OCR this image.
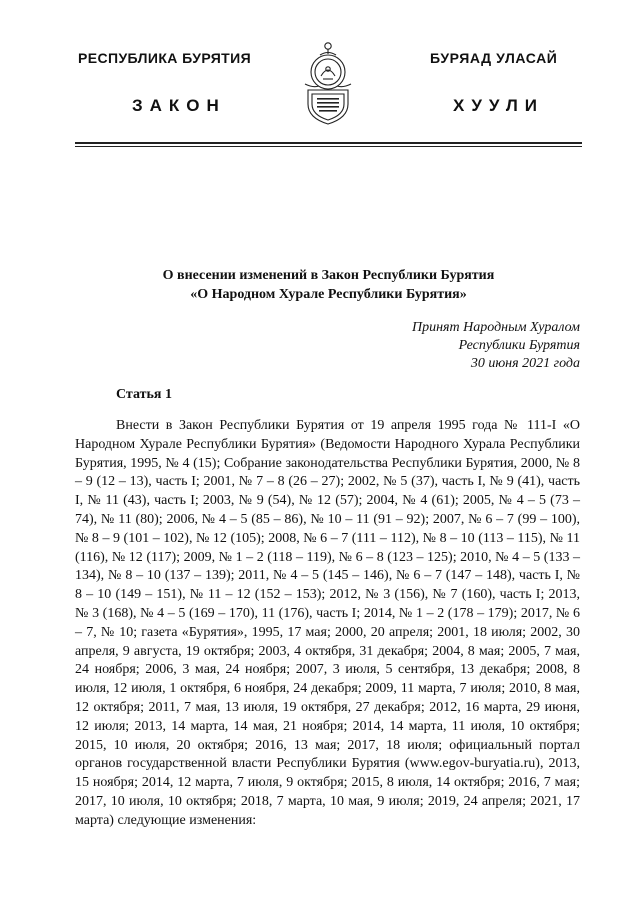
РЕСПУБЛИКА БУРЯТИЯ	БУРЯАД УЛАСАЙ
ЗАКОН	ХУУЛИ
О внесении изменений в Закон Республики Бурятия
«О Народном Хурале Республики Бурятия»
Принят Народным Хуралом
Республики Бурятия
30 июня 2021 года
Статья 1

Внести в Закон Республики Бурятия от 19 апреля 1995 года № 111-I «О Народном Хурале Республики Бурятия» (Ведомости Народного Хурала Республики Бурятия, 1995, № 4 (15); Собрание законодательства Республики Бурятия, 2000, № 8 – 9 (12 – 13), часть I; 2001, № 7 – 8 (26 – 27); 2002, № 5 (37), часть I, № 9 (41), часть I, № 11 (43), часть I; 2003, № 9 (54), № 12 (57); 2004, № 4 (61); 2005, № 4 – 5 (73 – 74), № 11 (80); 2006, № 4 – 5 (85 – 86), № 10 – 11 (91 – 92); 2007, № 6 – 7 (99 – 100), № 8 – 9 (101 – 102), № 12 (105); 2008, № 6 – 7 (111 – 112), № 8 – 10 (113 – 115), № 11 (116), № 12 (117); 2009, № 1 – 2 (118 – 119), № 6 – 8 (123 – 125); 2010, № 4 – 5 (133 – 134), № 8 – 10 (137 – 139); 2011, № 4 – 5 (145 – 146), № 6 – 7 (147 – 148), часть I, № 8 – 10 (149 – 151), № 11 – 12 (152 – 153); 2012, № 3 (156), № 7 (160), часть I; 2013, № 3 (168), № 4 – 5 (169 – 170), 11 (176), часть I; 2014, № 1 – 2 (178 – 179); 2017, № 6 – 7, № 10; газета «Бурятия», 1995, 17 мая; 2000, 20 апреля; 2001, 18 июля; 2002, 30 апреля, 9 августа, 19 октября; 2003, 4 октября, 31 декабря; 2004, 8 мая; 2005, 7 мая, 24 ноября; 2006, 3 мая, 24 ноября; 2007, 3 июля, 5 сентября, 13 декабря; 2008, 8 июля, 12 июля, 1 октября, 6 ноября, 24 декабря; 2009, 11 марта, 7 июля; 2010, 8 мая, 12 октября; 2011, 7 мая, 13 июля, 19 октября, 27 декабря; 2012, 16 марта, 29 июня, 12 июля; 2013, 14 марта, 14 мая, 21 ноября; 2014, 14 марта, 11 июля, 10 октября; 2015, 10 июля, 20 октября; 2016, 13 мая; 2017, 18 июля; официальный портал органов государственной власти Республики Бурятия (www.egov-buryatia.ru), 2013, 15 ноября; 2014, 12 марта, 7 июля, 9 октября; 2015, 8 июля, 14 октября; 2016, 7 мая; 2017, 10 июля, 10 октября; 2018, 7 марта, 10 мая, 9 июля; 2019, 24 апреля; 2021, 17 марта) следующие изменения:
